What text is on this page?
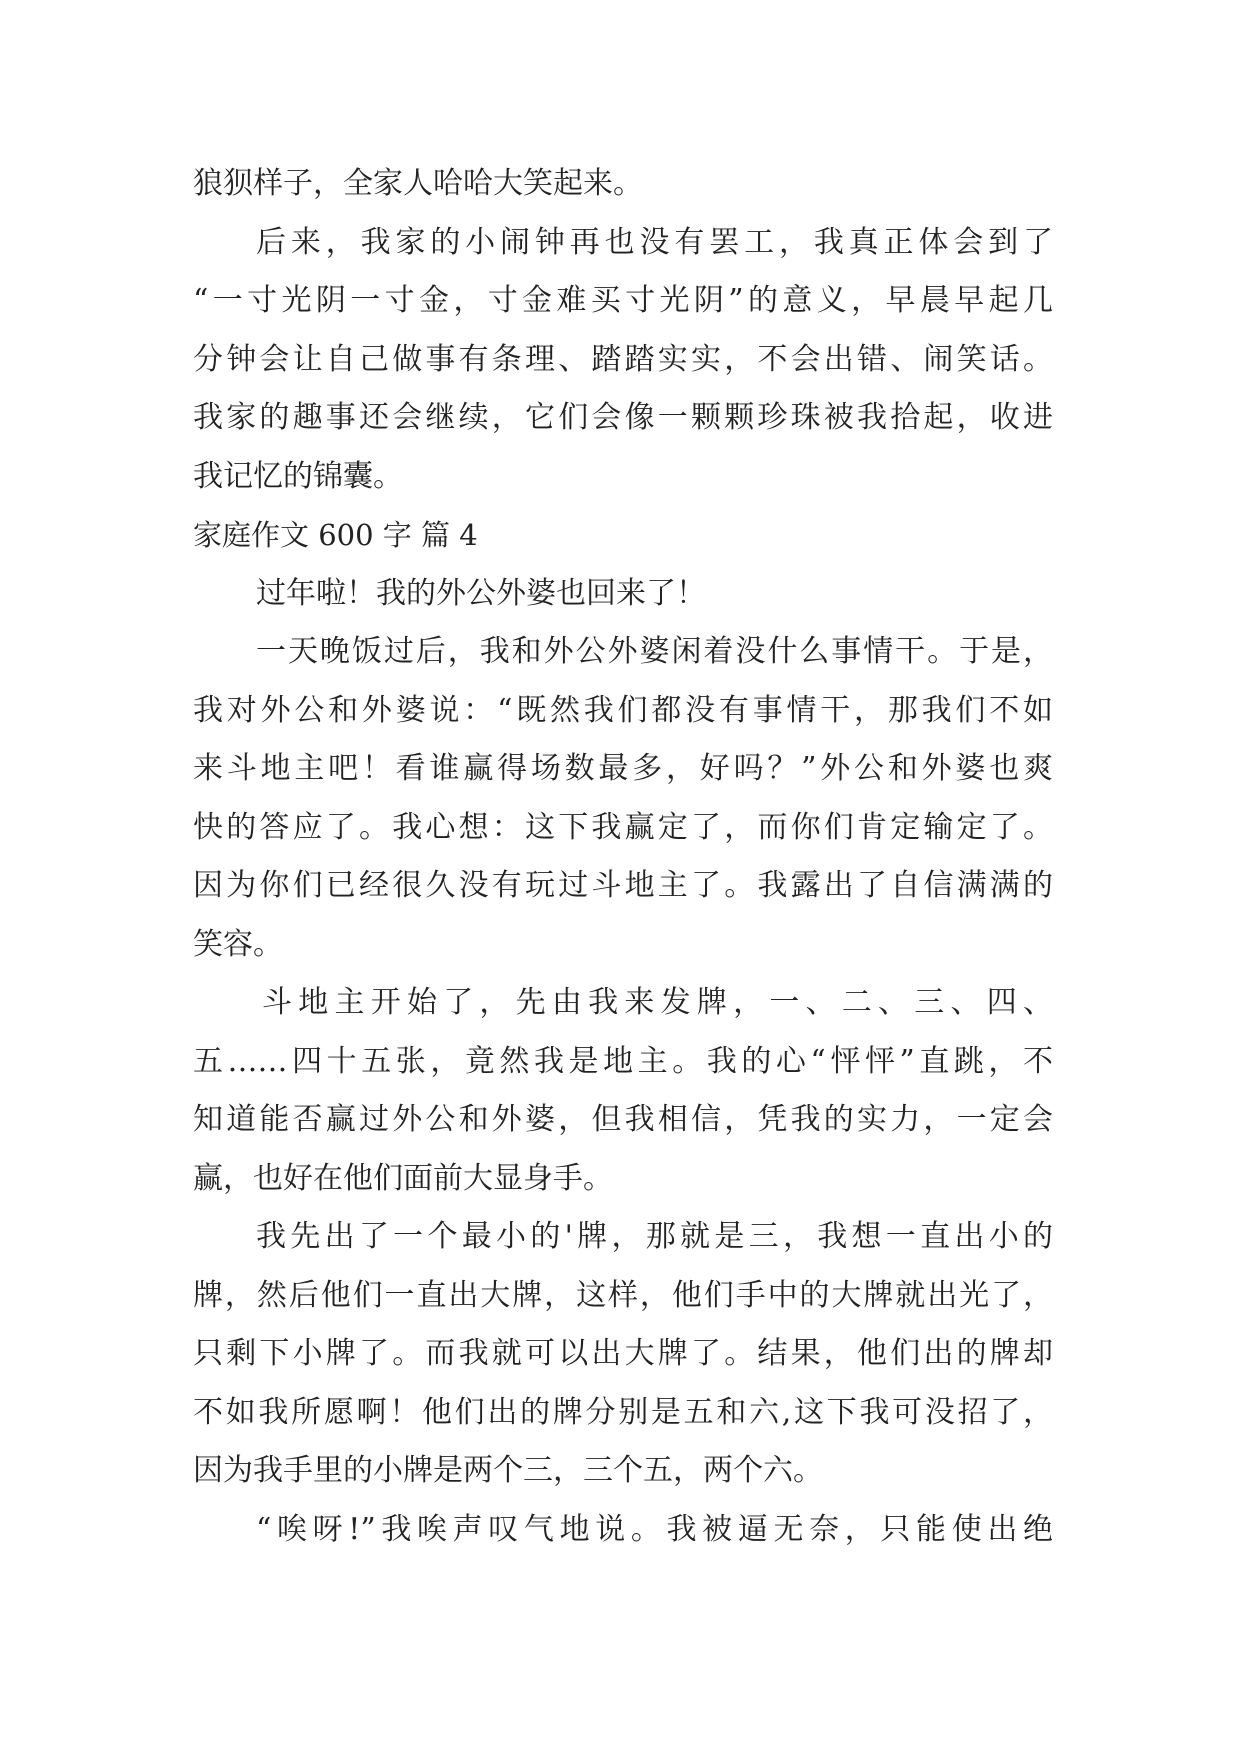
狼狈样子，全家人哈哈大笑起来。
后来，我家的小闹钟再也没有罢工，我真正体会到了
“一寸光阴一寸金，寸金难买寸光阴”的意义，早晨早起几
分钟会让自己做事有条理、踏踏实实，不会出错、闹笑话。
我家的趣事还会继续，它们会像一颗颗珍珠被我拾起，收进
我记忆的锦囊。
家庭作文 600 字 篇 4
过年啦！我的外公外婆也回来了！
一天晚饭过后，我和外公外婆闲着没什么事情干。于是，
我对外公和外婆说：“既然我们都没有事情干，那我们不如
来斗地主吧！看谁赢得场数最多，好吗？”外公和外婆也爽
快的答应了。我心想：这下我赢定了，而你们肯定输定了。
因为你们已经很久没有玩过斗地主了。我露出了自信满满的
笑容。
斗地主开始了，先由我来发牌，一、二、三、四、
五……四十五张，竟然我是地主。我的心“怦怦”直跳，不
知道能否赢过外公和外婆，但我相信，凭我的实力，一定会
赢，也好在他们面前大显身手。
我先出了一个最小的'牌，那就是三，我想一直出小的
牌，然后他们一直出大牌，这样，他们手中的大牌就出光了，
只剩下小牌了。而我就可以出大牌了。结果，他们出的牌却
不如我所愿啊！他们出的牌分别是五和六,这下我可没招了，
因为我手里的小牌是两个三，三个五，两个六。
“唉呀!”我唉声叹气地说。我被逼无奈，只能使出绝
